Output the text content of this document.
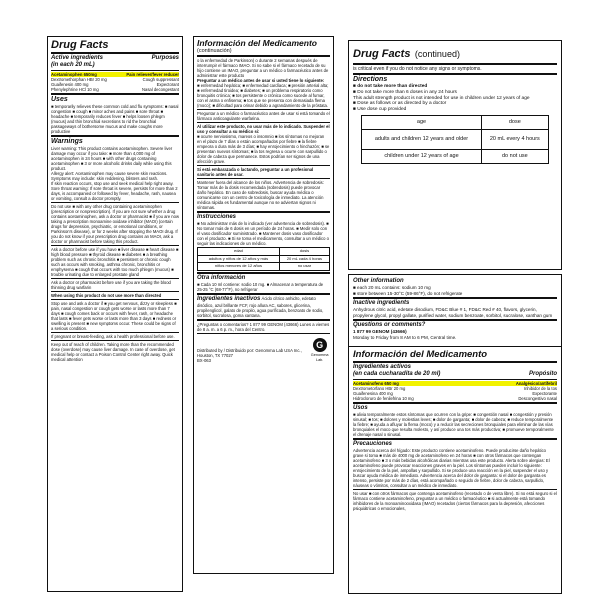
Drug Facts
Active ingredients
(in each 20 mL)
Purposes
Acetaminophen 650mg	Pain reliever/fever reducer
Dextromethorphan HBr 20 mg	Cough suppressant
Guaifenesin 400 mg	Expectorant
Phenylephrine HCl 10 mg	Nasal decongestant
Uses

■ temporarily relieves these common cold and flu symptoms: ■ nasal congestion ■ cough ■ minor aches and pains ■ sore throat ■ headache ■ temporarily reduces fever ■ helps loosen phlegm (mucus) and thin bronchial secretions to rid the bronchial passageways of bothersome mucus and make coughs more productive

Warnings

Liver warning: This product contains acetaminophen. Severe liver damage may occur if you take: ■ more than 4,000 mg of acetaminophen in 24 hours ■ with other drugs containing acetaminophen ■ 3 or more alcoholic drinks daily while using this product.

Allergy alert: Acetaminophen may cause severe skin reactions. Symptoms may include: skin reddening, blisters and rash.

If skin reaction occurs, stop use and seek medical help right away. Sore throat warning: If sore throat is severe, persists for more than 2 days, is accompanied or followed by fever, headache, rash, nausea or vomiting, consult a doctor promptly.

Do not use ■ with any other drug containing acetaminophen (prescription or nonprescription). If you are not sure whether a drug contains acetaminophen, ask a doctor or pharmacist ■ if you are now taking a prescription monoamine oxidase inhibitor (MAOI) (certain drugs for depression, psychiatric, or emotional conditions, or Parkinson's disease), or for 2 weeks after stopping the MAOI drug. If you do not know if your prescription drug contains an MAOI, ask a doctor or pharmacist before taking this product.

Ask a doctor before use if you have ■ liver disease ■ heart disease ■ high blood pressure ■ thyroid disease ■ diabetes ■ a breathing problem such as chronic bronchitis ■ persistent or chronic cough such as occurs with smoking, asthma chronic, bronchitis or emphysema ■ cough that occurs with too much phlegm (mucus) ■ trouble urinating due to enlarged prostate gland

Ask a doctor or pharmacist before use if you are taking the blood thinning drug warfarin

When using this product do not use more than directed

Stop use and ask a doctor if ■ you get nervous, dizzy or sleepless ■ pain, nasal congestion or cough gets worse or lasts more than 7 days ■ cough comes back or occurs with fever, rash, or headache that lasts ■ fever gets worse or lasts more than 3 days ■ redness or swelling is present ■ new symptoms occur. These could be signs of a serious condition.

If pregnant or breast-feeding, ask a health professional before use.

Keep out of reach of children. Taking more than the recommended dose (overdose) may cause liver damage. In case of overdose, get medical help or contact a Poison Control Center right away. Quick medical attention

Información del Medicamento
(continuación)

o la enfermedad de Parkinson) o durante 2 semanas después de interrumpir el fármaco IMAO. Si no sabe si el fármaco recetado de su hijo contiene un IMAO, preguntar a un médico o farmacéutico antes de administrar este producto

Preguntar a un médico antes de usar si usted tiene lo siguiente:

■ enfermedad hepática; ■ enfermedad cardíaca; ■ presión arterial alta; ■ enfermedad tiroidea; ■ diabetes; ■ un problema respiratorio como bronquitis crónica; ■ tos persistente o crónica como sucede al fumar, con el asma o enfisema; ■ tos que se presenta con demasiada flema (moco); ■ dificultad para orinar debido a agrandamiento de la próstata.

Preguntar a un médico o farmacéutico antes de usar si está tomando el fármaco anticoagulante warfarina.

Al utilizar este producto, no usar más de lo indicado. Suspender el uso y consultar a su médico si:

■ ocurre nerviosismo, mareos o insomnio ■ los síntomas no mejoran en el plazo de 7 días o están acompañados por fiebre ■ la fiebre empeora o dura más de 3 días; ■ hay enrojecimiento o hinchazón; ■ se presentan nuevos síntomas; ■ la tos regresa u ocurre con sarpullido o dolor de cabeza que permanece. Estos podrían ser signos de una afección grave.

Si está embarazada o lactando, preguntar a un profesional sanitario antes de usar.

Mantener fuera del alcance de los niños. Advertencia de sobredosis: Tomar más de la dosis recomendada (sobredosis) puede provocar daño hepático. En caso de sobredosis, buscar ayuda médica o comunicarse con un centro de toxicología de inmediato. La atención médica rápida es fundamental aunque no se adviertan signos ni síntomas.

Instrucciones

■ No administrar más de lo indicado (ver advertencia de sobredosis). ■ No tomar más de 6 dosis en un período de 24 horas. ■ Medir solo con el vaso dosificador suministrado. ■ Mantener dosis vaso dosificador con el producto. ■ Si se toma el medicamento, consultar a un médico o seguir las indicaciones de un médico.

edad	dosis
adultos y niños de 12 años y más	20 mL cada 4 horas
niños menores de 12 años	no usar
Otra información

■ Cada 10 ml contiene: sodio 10 mg. ■ Almacenar a temperatura de 25-25 °C (68-77°F), no refrigerar

Ingredientes inactivos Ácido cítrico anhidro, edetato disódico, azul brillante FCF, rojo allura AC, sabores, glicerina, propilenglicol, galato de propilo, agua purificada, benzoato de sodio, sorbitol, sucralosa, goma xantana.

¿Preguntas o comentarios? 1 877 99 GENOM (43666) Lunes a viernes de 8 a. m. a 6 p. m., hora del Centro.

Distributed by / Distribuido por: Genomma Lab USA Inc., Houston, TX 77027

BX-063

G
Genomma Lab.
Drug Facts (continued)

is critical even if you do not notice any signs or symptoms.

Directions

■ do not take more than directed

■ Do not take more than 6 doses in any 24 hours

This adult strength product is not intended for use in children under 12 years of age

■ Dose as follows or as directed by a doctor

■ Use dose cup provided

age	dose
adults and children 12 years and older	20 mL every 4 hours
children under 12 years of age	do not use
Other information

■ each 20 mL contains: sodium 10 mg

■ store between 15-30°C (59-86°F), do not refrigerate

Inactive ingredients

Anhydrous citric acid, edetate disodium, FD&C Blue # 1, FD&C Red # 40, flavors, glycerin, propylene glycol, propyl gallate, purified water, sodium benzoate, sorbitol, sucralose, xanthan gum

Questions or comments?

1 877 99 GENOM (43666)

Monday to Friday from 8 AM to 6 PM, Central time.

Información del Medicamento
Ingredientes activos
(en cada cucharadita de 20 ml)	Propósito
Acetaminofeno 650 mg	Analgésico/antifebril
Dextrometorfano HBr 20 mg	Inhibidor de la tos
Guaifenesina 400 mg	Expectorante
Hidrocloruro de fenilefrina 10 mg	Descongestivo nasal
Usos

■ alivia temporalmente estos síntomas que ocurren con la gripe: ■ congestión nasal ■ congestión y presión sinusal; ■ tos; ■ dolores y molestias leves; ■ dolor de garganta; ■ dolor de cabeza; ■ reduce temporalmente la fiebre; ■ ayuda a afluyar la flema (moco) y a reducir las secreciones bronquiales para eliminar de las vías bronquiales el moco que resulta molesto, y así produce una tos más productiva; ■ promueve temporalmente el drenaje nasal o sinusal.

Precauciones

Advertencia acerca del hígado: Este producto contiene acetaminofeno. Puede producirse daño hepático grave si toma ■ más de 4000 mg de acetaminofeno en 24 horas ■ con otros fármacos que contengan acetaminofeno ■ 3 o más bebidas alcohólicas diarias mientras usa este producto. Alerta sobre alergias: El acetaminofeno puede provocar reacciones graves en la piel. Los síntomas pueden incluir lo siguiente: enrojecimiento de la piel, ampollas y sarpullido. Si se produce una reacción en la piel, suspender el uso y buscar ayuda médica de inmediato. Advertencia acerca del dolor de garganta: si el dolor de garganta es intenso, persiste por más de 2 días, está acompañado o seguido de fiebre, dolor de cabeza, sarpullido, náuseas o vómitos, consultar a un médico de inmediato.

No usar ■ con otros fármacos que contenga acetaminofeno (recetado o de venta libre). Si no está seguro si el fármaco contiene acetaminofeno, preguntar a un médico o farmacéutico ■ si actualmente está tomando inhibidores de la monoaminooxidasa (IMAO) recetados (ciertos fármacos para la depresión, afecciones psiquiátricas o emocionales,
